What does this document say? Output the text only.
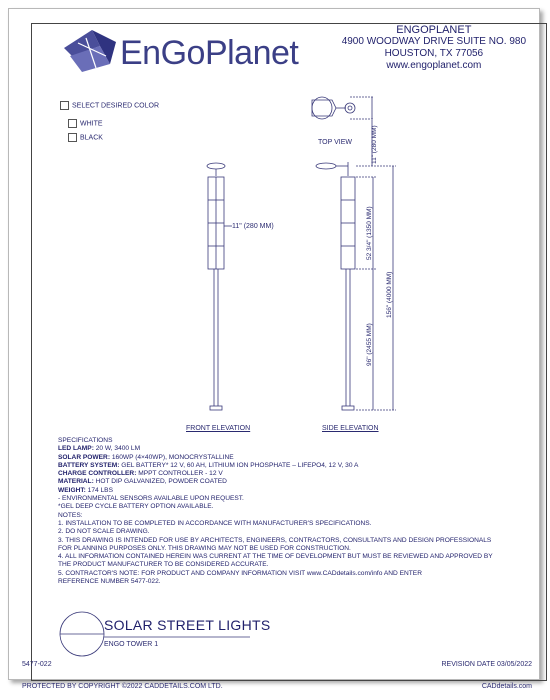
EnGoPlanet
ENGOPLANET
4900 WOODWAY DRIVE SUITE NO. 980
HOUSTON, TX 77056
www.engoplanet.com
SELECT DESIRED COLOR
WHITE
BLACK
TOP VIEW
11" (280 MM)
FRONT ELEVATION	SIDE ELEVATION
11" (280 MM)
52 3/4" (1350 MM)
156" (4000 MM)
96" (2455 MM)
SPECIFICATIONS
LED LAMP: 20 W, 3400 LM
SOLAR POWER: 160WP (4×40WP), MONOCRYSTALLINE
BATTERY SYSTEM: GEL BATTERY* 12 V, 60 AH, LITHIUM ION PHOSPHATE – LIFEPO4, 12 V, 30 A
CHARGE CONTROLLER: MPPT CONTROLLER - 12 V
MATERIAL: HOT DIP GALVANIZED, POWDER COATED
WEIGHT: 174 LBS
- ENVIRONMENTAL SENSORS AVAILABLE UPON REQUEST.
*GEL DEEP CYCLE BATTERY OPTION AVAILABLE.
NOTES:
1. INSTALLATION TO BE COMPLETED IN ACCORDANCE WITH MANUFACTURER'S SPECIFICATIONS.
2. DO NOT SCALE DRAWING.
3. THIS DRAWING IS INTENDED FOR USE BY ARCHITECTS, ENGINEERS, CONTRACTORS, CONSULTANTS AND DESIGN PROFESSIONALS
FOR PLANNING PURPOSES ONLY. THIS DRAWING MAY NOT BE USED FOR CONSTRUCTION.
4. ALL INFORMATION CONTAINED HEREIN WAS CURRENT AT THE TIME OF DEVELOPMENT BUT MUST BE REVIEWED AND APPROVED BY
THE PRODUCT MANUFACTURER TO BE CONSIDERED ACCURATE.
5. CONTRACTOR'S NOTE: FOR PRODUCT AND COMPANY INFORMATION VISIT www.CADdetails.com/info AND ENTER
REFERENCE NUMBER 5477-022.
SOLAR STREET LIGHTS
ENGO TOWER 1
5477-022	REVISION DATE 03/05/2022
PROTECTED BY COPYRIGHT ©2022 CADDETAILS.COM LTD.	CADdetails.com
